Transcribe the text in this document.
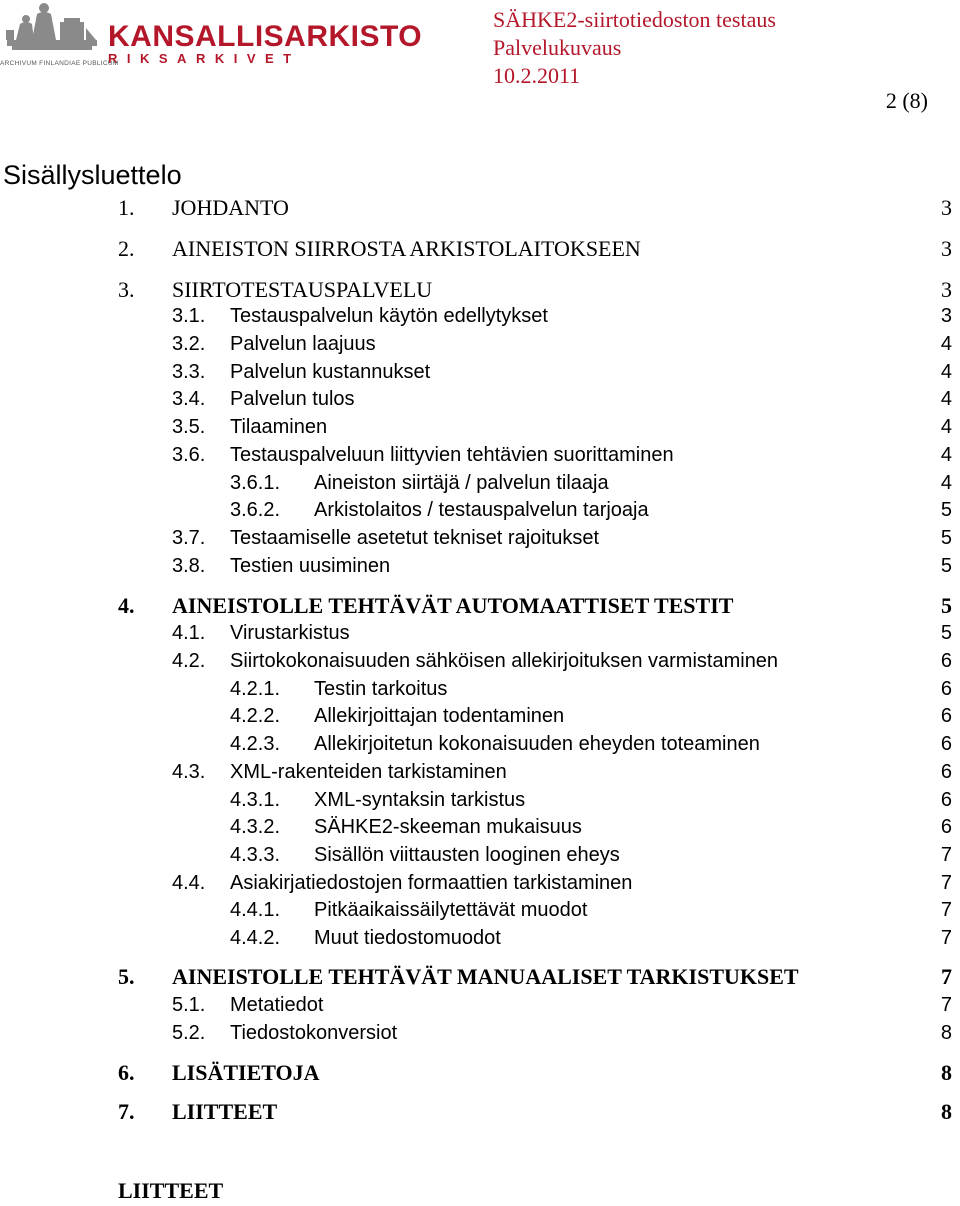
KANSALLISARKISTO
RIKSARKIVET
ARCHIVUM FINLANDIAE PUBLICUM
SÄHKE2-siirtotiedoston testaus
Palvelukuvaus
10.2.2011
2 (8)
Sisällysluettelo
1. JOHDANTO	3
2. AINEISTON SIIRROSTA ARKISTOLAITOKSEEN	3
3. SIIRTOTESTAUSPALVELU	3
3.1. Testauspalvelun käytön edellytykset	3
3.2. Palvelun laajuus	4
3.3. Palvelun kustannukset	4
3.4. Palvelun tulos	4
3.5. Tilaaminen	4
3.6. Testauspalveluun liittyvien tehtävien suorittaminen	4
3.6.1. Aineiston siirtäjä / palvelun tilaaja	4
3.6.2. Arkistolaitos / testauspalvelun tarjoaja	5
3.7. Testaamiselle asetetut tekniset rajoitukset	5
3.8. Testien uusiminen	5
4. AINEISTOLLE TEHTÄVÄT AUTOMAATTISET TESTIT	5
4.1. Virustarkistus	5
4.2. Siirtokokonaisuuden sähköisen allekirjoituksen varmistaminen	6
4.2.1. Testin tarkoitus	6
4.2.2. Allekirjoittajan todentaminen	6
4.2.3. Allekirjoitetun kokonaisuuden eheyden toteaminen	6
4.3. XML-rakenteiden tarkistaminen	6
4.3.1. XML-syntaksin tarkistus	6
4.3.2. SÄHKE2-skeeman mukaisuus	6
4.3.3. Sisällön viittausten looginen eheys	7
4.4. Asiakirjatiedostojen formaattien tarkistaminen	7
4.4.1. Pitkäaikaissäilytettävät muodot	7
4.4.2. Muut tiedostomuodot	7
5. AINEISTOLLE TEHTÄVÄT MANUAALISET TARKISTUKSET	7
5.1. Metatiedot	7
5.2. Tiedostokonversiot	8
6. LISÄTIETOJA	8
7. LIITTEET	8
LIITTEET
